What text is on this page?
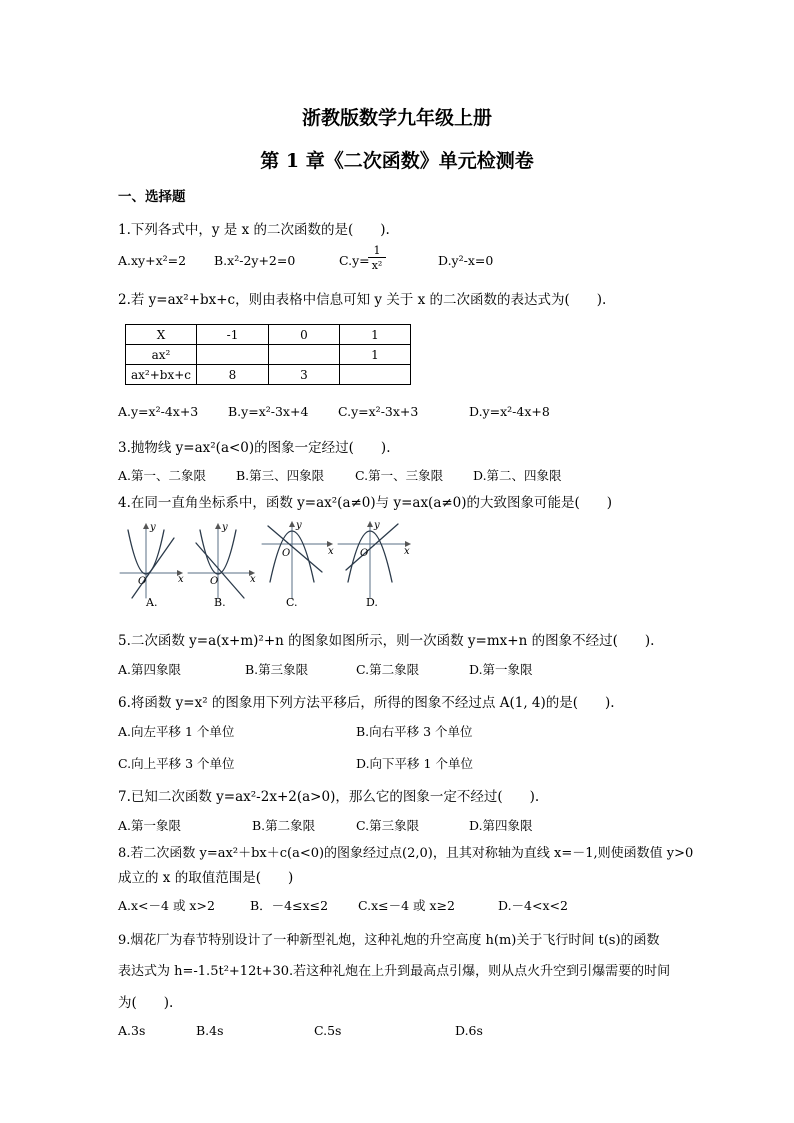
浙教版数学九年级上册
第 1 章《二次函数》单元检测卷
一、选择题
1.下列各式中，y 是 x 的二次函数的是(　　).
A.xy+x²=2 B.x²-2y+2=0	C.y=
1
x²	D.y²-x=0
2.若 y=ax²+bx+c，则由表格中信息可知 y 关于 x 的二次函数的表达式为(　　).
X	-1	0	1
ax²			1
ax²+bx+c	8	3	
A.y=x²-4x+3 B.y=x²-3x+4 C.y=x²-3x+3	D.y=x²-4x+8
3.抛物线 y=ax²(a<0)的图象一定经过(　　).
A.第一、二象限 B.第三、四象限 C.第一、三象限 D.第二、四象限
4.在同一直角坐标系中，函数 y=ax²(a≠0)与 y=ax(a≠0)的大致图象可能是(　　)
O	x
y
A.
O	x
y
B.
O	x
y
C.
O	x
y
D.
5.二次函数 y=a(x+m)²+n 的图象如图所示，则一次函数 y=mx+n 的图象不经过(　　).
A.第四象限	B.第三象限	C.第二象限	D.第一象限
6.将函数 y=x² 的图象用下列方法平移后，所得的图象不经过点 A(1, 4)的是(　　).
A.向左平移 1 个单位	B.向右平移 3 个单位
C.向上平移 3 个单位	D.向下平移 1 个单位
7.已知二次函数 y=ax²-2x+2(a>0)，那么它的图象一定不经过(　　).
A.第一象限	B.第二象限	C.第三象限	D.第四象限
8.若二次函数 y=ax²＋bx＋c(a<0)的图象经过点(2,0)，且其对称轴为直线 x=－1,则使函数值 y>0
成立的 x 的取值范围是(　　)
A.x<－4 或 x>2	B．－4≤x≤2 C.x≤－4 或 x≥2	D.－4<x<2
9.烟花厂为春节特别设计了一种新型礼炮，这种礼炮的升空高度 h(m)关于飞行时间 t(s)的函数
表达式为 h=-1.5t²+12t+30.若这种礼炮在上升到最高点引爆，则从点火升空到引爆需要的时间
为(　　).
A.3s	B.4s	C.5s	D.6s
